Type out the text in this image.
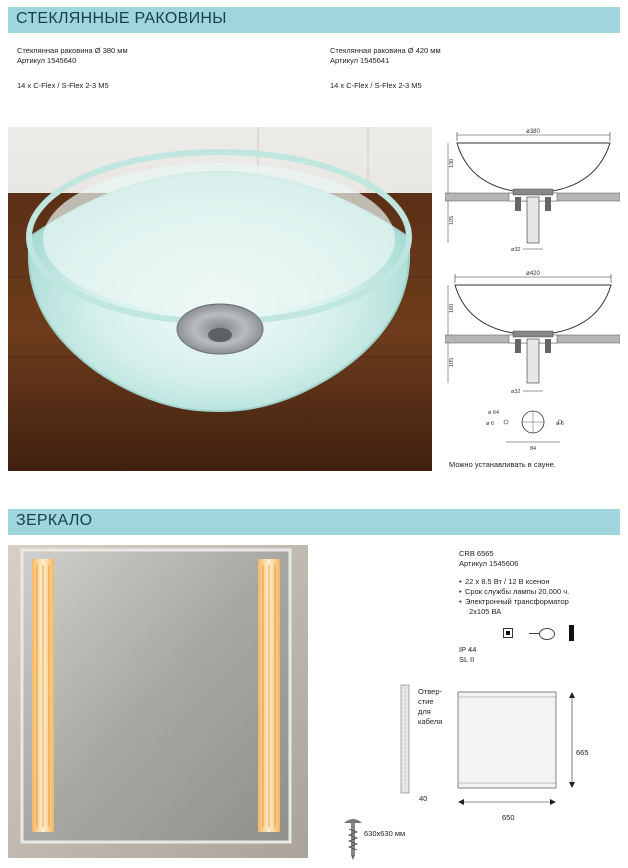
СТЕКЛЯННЫЕ РАКОВИНЫ
Стеклянная раковина Ø 380 мм
Артикул 1545640
14 x C-Flex / S-Flex 2-3 M5
Стеклянная раковина Ø 420 мм
Артикул 1545641
14 x C-Flex / S-Flex 2-3 M5
ø380
130
105
ø32
ø420
160
105
ø32
ø 64
ø 6	ø 6
84
Можно устанавливать в сауне.
ЗЕРКАЛО
CRB 6565
Артикул 1545606
• 22 x 8.5 Вт / 12 В ксенон
• Срок службы лампы 20.000 ч.
• Электронный трансформатор
2x105 ВА
IP 44
SL II
Отвер-
стие
для
кабеля
40
665
650
630x630 мм
